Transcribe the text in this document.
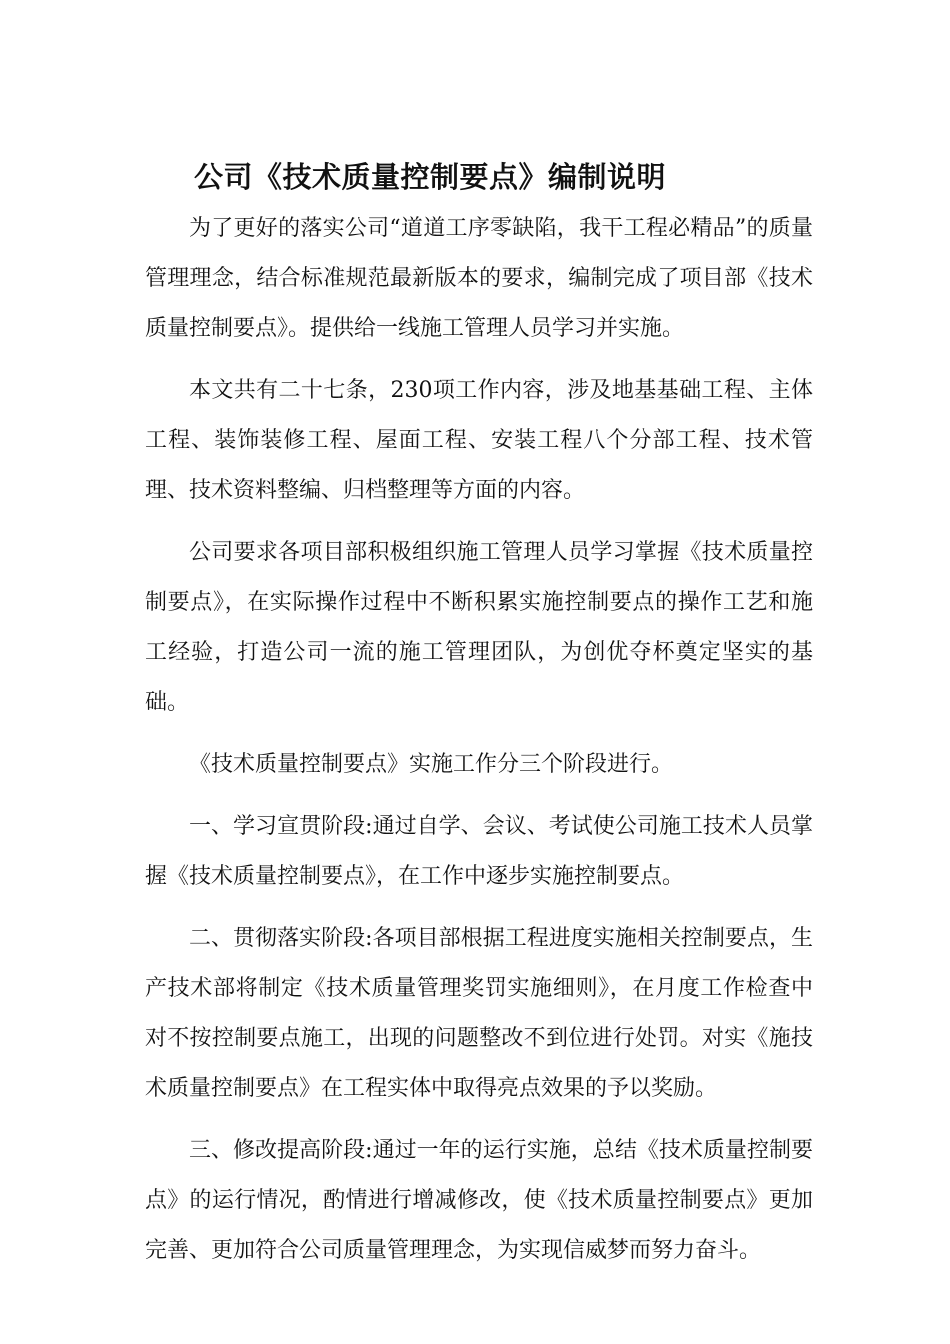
公司《技术质量控制要点》编制说明

为了更好的落实公司“道道工序零缺陷，我干工程必精品”的质量管理理念，结合标准规范最新版本的要求，编制完成了项目部《技术质量控制要点》。提供给一线施工管理人员学习并实施。

本文共有二十七条，230项工作内容，涉及地基基础工程、主体工程、装饰装修工程、屋面工程、安装工程八个分部工程、技术管理、技术资料整编、归档整理等方面的内容。

公司要求各项目部积极组织施工管理人员学习掌握《技术质量控制要点》，在实际操作过程中不断积累实施控制要点的操作工艺和施工经验，打造公司一流的施工管理团队，为创优夺杯奠定坚实的基础。

《技术质量控制要点》实施工作分三个阶段进行。

一、学习宣贯阶段:通过自学、会议、考试使公司施工技术人员掌握《技术质量控制要点》，在工作中逐步实施控制要点。

二、贯彻落实阶段:各项目部根据工程进度实施相关控制要点，生产技术部将制定《技术质量管理奖罚实施细则》，在月度工作检查中对不按控制要点施工，出现的问题整改不到位进行处罚。对实《施技术质量控制要点》在工程实体中取得亮点效果的予以奖励。

三、修改提高阶段:通过一年的运行实施，总结《技术质量控制要点》的运行情况，酌情进行增减修改，使《技术质量控制要点》更加完善、更加符合公司质量管理理念，为实现信威梦而努力奋斗。
